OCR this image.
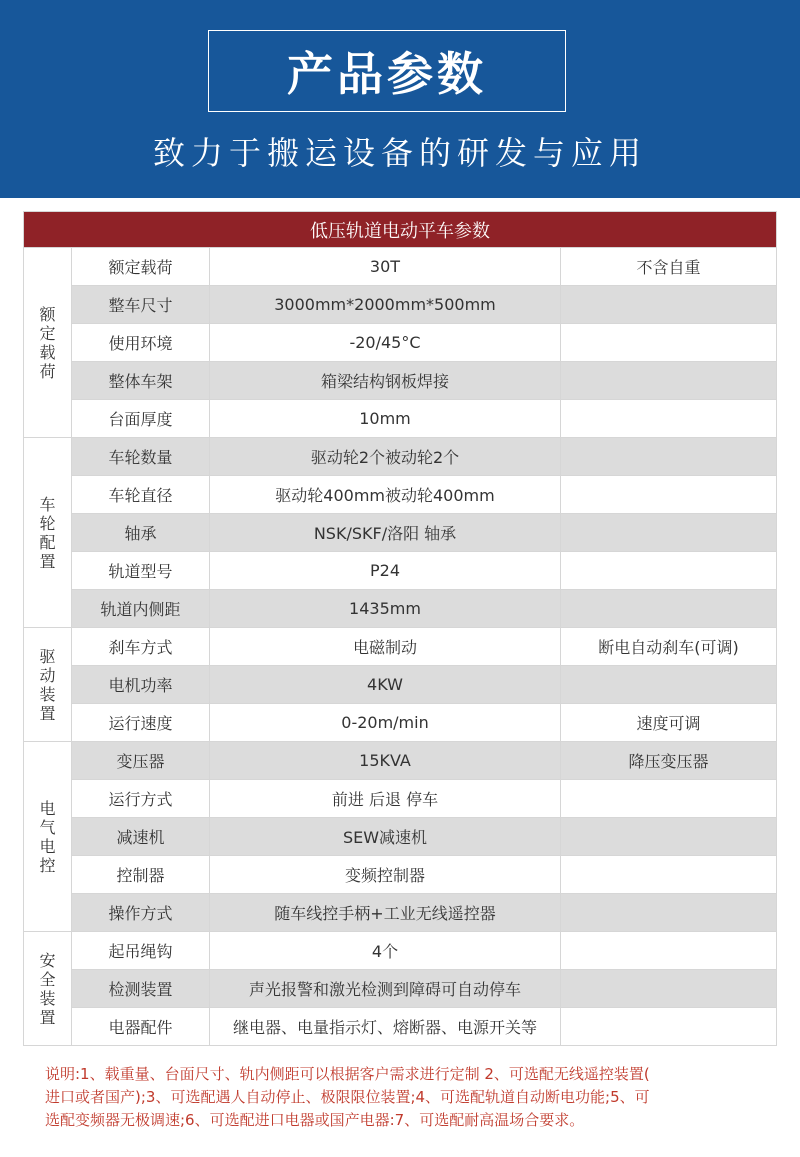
产品参数
致力于搬运设备的研发与应用
低压轨道电动平车参数			
额定载荷	额定载荷	30T	不含自重
	整车尺寸	3000mm*2000mm*500mm	
	使用环境	-20/45°C	
	整体车架	箱梁结构钢板焊接	
	台面厚度	10mm	
车轮配置	车轮数量	驱动轮2个被动轮2个	
	车轮直径	驱动轮400mm被动轮400mm	
	轴承	NSK/SKF/洛阳 轴承	
	轨道型号	P24	
	轨道内侧距	1435mm	
驱动装置	刹车方式	电磁制动	断电自动刹车(可调)
	电机功率	4KW	
	运行速度	0-20m/min	速度可调
电气电控	变压器	15KVA	降压变压器
	运行方式	前进 后退 停车	
	减速机	SEW减速机	
	控制器	变频控制器	
	操作方式	随车线控手柄+工业无线遥控器	
安全装置	起吊绳钩	4个	
	检测装置	声光报警和激光检测到障碍可自动停车	
	电器配件	继电器、电量指示灯、熔断器、电源开关等	
说明:1、载重量、台面尺寸、轨内侧距可以根据客户需求进行定制 2、可选配无线遥控装置(
进口或者国产);3、可选配遇人自动停止、极限限位装置;4、可选配轨道自动断电功能;5、可
选配变频器无极调速;6、可选配进口电器或国产电器:7、可选配耐高温场合要求。
